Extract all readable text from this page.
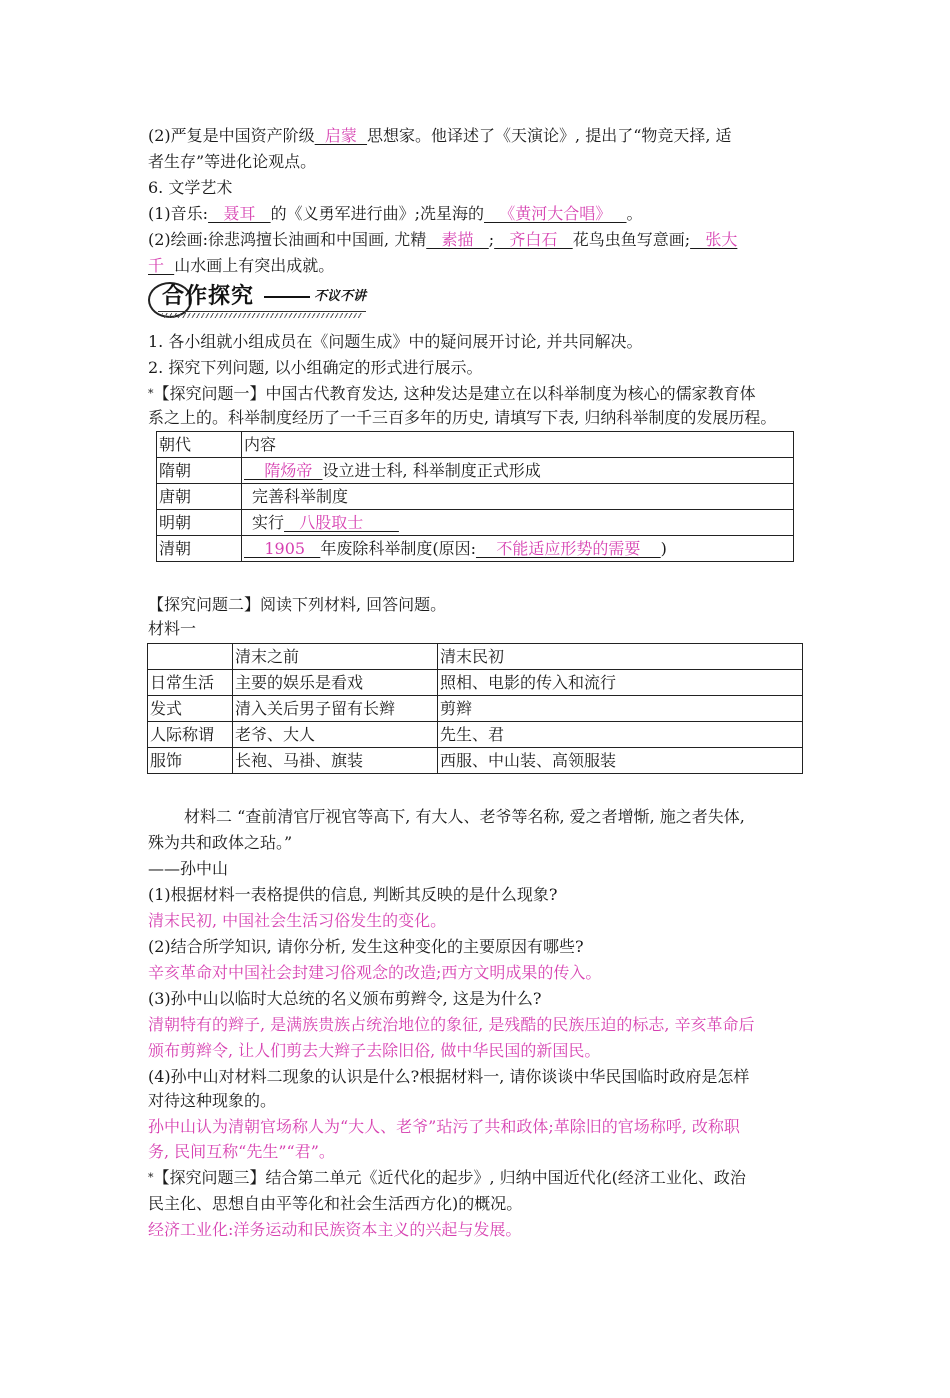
(2)严复是中国资产阶级  启蒙  思想家。他译述了《天演论》, 提出了“物竞天择, 适
者生存”等进化论观点。
6. 文学艺术
(1)音乐:   聂耳   的《义勇军进行曲》;冼星海的   《黄河大合唱》   。
(2)绘画:徐悲鸿擅长油画和中国画, 尤精   素描   ;   齐白石   花鸟虫鱼写意画;   张大
千  山水画上有突出成就。
合作探究	不议不讲
1. 各小组就小组成员在《问题生成》中的疑问展开讨论, 并共同解决。
2. 探究下列问题, 以小组确定的形式进行展示。
*【探究问题一】中国古代教育发达, 这种发达是建立在以科举制度为核心的儒家教育体
系之上的。科举制度经历了一千三百多年的历史, 请填写下表, 归纳科举制度的发展历程。
朝代	内容
隋朝	隋炀帝  设立进士科, 科举制度正式形成
唐朝	完善科举制度
明朝	实行   八股取士
清朝	1905   年废除科举制度(原因:    不能适应形势的需要    )
【探究问题二】阅读下列材料, 回答问题。
材料一
	清末之前	清末民初
日常生活	主要的娱乐是看戏	照相、电影的传入和流行
发式	清入关后男子留有长辫	剪辫
人际称谓	老爷、大人	先生、君
服饰	长袍、马褂、旗装	西服、中山装、高领服装
材料二 “查前清官厅视官等高下, 有大人、老爷等名称, 爱之者增惭, 施之者失体,
殊为共和政体之玷。”
——孙中山
(1)根据材料一表格提供的信息, 判断其反映的是什么现象?
清末民初, 中国社会生活习俗发生的变化。
(2)结合所学知识, 请你分析, 发生这种变化的主要原因有哪些?
辛亥革命对中国社会封建习俗观念的改造;西方文明成果的传入。
(3)孙中山以临时大总统的名义颁布剪辫令, 这是为什么?
清朝特有的辫子, 是满族贵族占统治地位的象征, 是残酷的民族压迫的标志, 辛亥革命后
颁布剪辫令, 让人们剪去大辫子去除旧俗, 做中华民国的新国民。
(4)孙中山对材料二现象的认识是什么?根据材料一, 请你谈谈中华民国临时政府是怎样
对待这种现象的。
孙中山认为清朝官场称人为“大人、老爷”玷污了共和政体;革除旧的官场称呼, 改称职
务, 民间互称“先生”“君”。
*【探究问题三】结合第二单元《近代化的起步》, 归纳中国近代化(经济工业化、政治
民主化、思想自由平等化和社会生活西方化)的概况。
经济工业化:洋务运动和民族资本主义的兴起与发展。
